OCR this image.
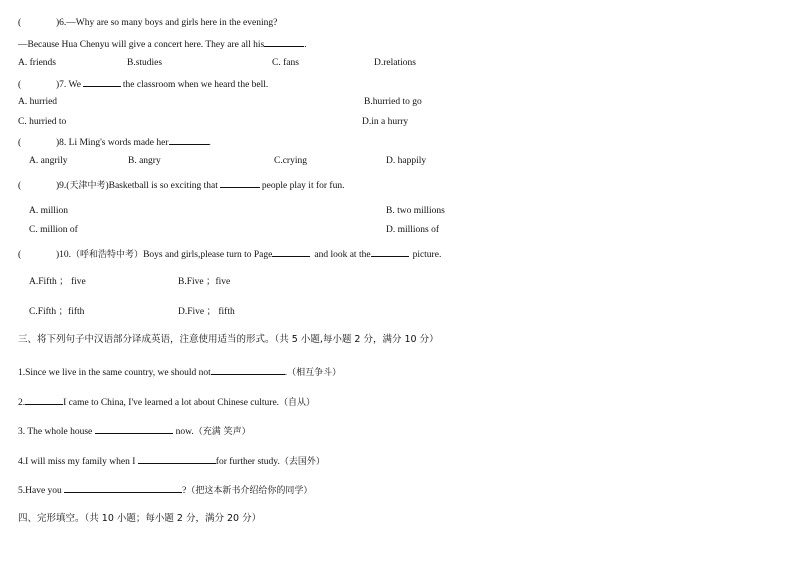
(	)6.—Why are so many boys and girls here in the evening?
—Because Hua Chenyu will give a concert here. They are all his	.
A. friends	B.studies	C. fans	D.relations
(	)7. We	the classroom when we heard the bell.
A. hurried	B.hurried to go
C. hurried to	D.in a hurry
(	)8. Li Ming's words made her	.
A. angrily	B. angry	C.crying	D. happily
(	)9.(天津中考)Basketball is so exciting that	people play it for fun.
A. million	B. two millions
C. million of	D. millions of
(	)10.（呼和浩特中考）Boys and girls,please turn to Page	and look at the	picture.
A.Fifth ； five	B.Five ；five
C.Fifth ；fifth	D.Five ； fifth
三、将下列句子中汉语部分译成英语，注意使用适当的形式。（共 5 小题,每小题 2 分，满分 10 分）
1.Since we live in the same country, we should not	.（相互争斗）
2.	I came to China, I've learned a lot about Chinese culture.（自从）
3. The whole house	now.（充满 笑声）
4.I will miss my family when I	for further study.（去国外）
5.Have you	?（把这本新书介绍给你的同学）
四、完形填空。（共 10 小题；每小题 2 分，满分 20 分）
